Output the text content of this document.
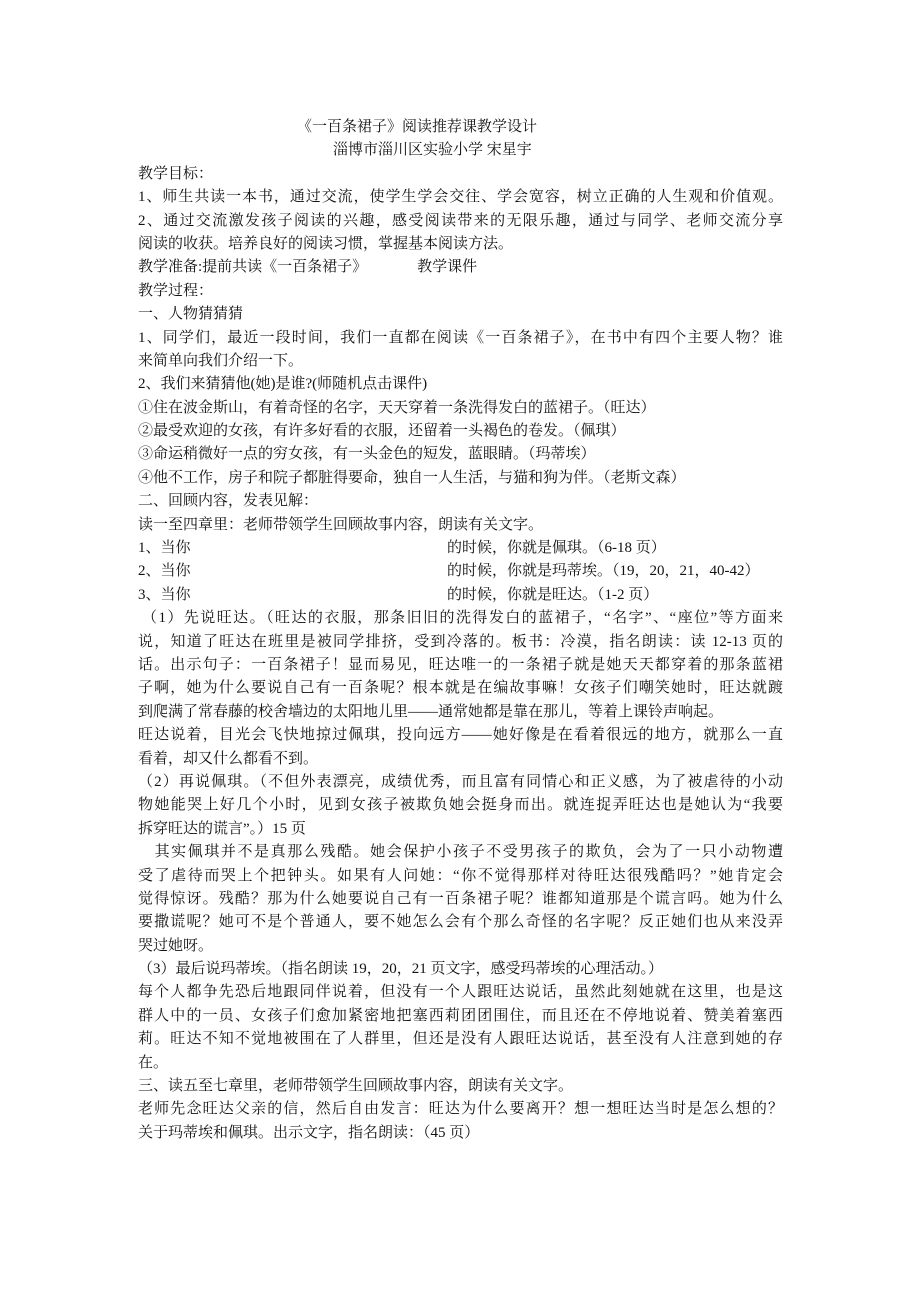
《一百条裙子》阅读推荐课教学设计
淄博市淄川区实验小学 宋星宇
教学目标：
1、师生共读一本书，通过交流，使学生学会交往、学会宽容，树立正确的人生观和价值观。
2、通过交流激发孩子阅读的兴趣，感受阅读带来的无限乐趣，通过与同学、老师交流分享
阅读的收获。培养良好的阅读习惯，掌握基本阅读方法。
教学准备:提前共读《一百条裙子》	教学课件
教学过程：
一、人物猜猜猜
1、同学们，最近一段时间，我们一直都在阅读《一百条裙子》，在书中有四个主要人物？谁
来简单向我们介绍一下。
2、我们来猜猜他(她)是谁?(师随机点击课件)
①住在波金斯山，有着奇怪的名字，天天穿着一条洗得发白的蓝裙子。（旺达）
②最受欢迎的女孩，有许多好看的衣服，还留着一头褐色的卷发。（佩琪）
③命运稍微好一点的穷女孩，有一头金色的短发，蓝眼睛。（玛蒂埃）
④他不工作，房子和院子都脏得要命，独自一人生活，与猫和狗为伴。（老斯文森）
二、回顾内容，发表见解：
读一至四章里：老师带领学生回顾故事内容，朗读有关文字。
1、当你	的时候，你就是佩琪。（6-18 页）
2、当你	的时候，你就是玛蒂埃。（19，20，21，40-42）
3、当你	的时候，你就是旺达。（1-2 页）
（1）先说旺达。（旺达的衣服，那条旧旧的洗得发白的蓝裙子，“名字”、“座位”等方面来
说，知道了旺达在班里是被同学排挤，受到冷落的。板书：冷漠，指名朗读：读 12-13 页的
话。出示句子：一百条裙子！显而易见，旺达唯一的一条裙子就是她天天都穿着的那条蓝裙
子啊，她为什么要说自己有一百条呢？根本就是在编故事嘛！女孩子们嘲笑她时，旺达就踱
到爬满了常春藤的校舍墙边的太阳地儿里——通常她都是靠在那儿，等着上课铃声响起。
旺达说着，目光会飞快地掠过佩琪，投向远方——她好像是在看着很远的地方，就那么一直
看着，却又什么都看不到。
（2）再说佩琪。（不但外表漂亮，成绩优秀，而且富有同情心和正义感，为了被虐待的小动
物她能哭上好几个小时，见到女孩子被欺负她会挺身而出。就连捉弄旺达也是她认为“我要
拆穿旺达的谎言”。）15 页
　其实佩琪并不是真那么残酷。她会保护小孩子不受男孩子的欺负，会为了一只小动物遭
受了虐待而哭上个把钟头。如果有人问她：“你不觉得那样对待旺达很残酷吗？”她肯定会
觉得惊讶。残酷？那为什么她要说自己有一百条裙子呢？谁都知道那是个谎言吗。她为什么
要撒谎呢？她可不是个普通人，要不她怎么会有个那么奇怪的名字呢？反正她们也从来没弄
哭过她呀。
（3）最后说玛蒂埃。（指名朗读 19，20，21 页文字，感受玛蒂埃的心理活动。）
每个人都争先恐后地跟同伴说着，但没有一个人跟旺达说话，虽然此刻她就在这里，也是这
群人中的一员、女孩子们愈加紧密地把塞西莉团团围住，而且还在不停地说着、赞美着塞西
莉。旺达不知不觉地被围在了人群里，但还是没有人跟旺达说话，甚至没有人注意到她的存
在。
三、读五至七章里，老师带领学生回顾故事内容，朗读有关文字。
老师先念旺达父亲的信，然后自由发言：旺达为什么要离开？想一想旺达当时是怎么想的？
关于玛蒂埃和佩琪。出示文字，指名朗读：（45 页）
